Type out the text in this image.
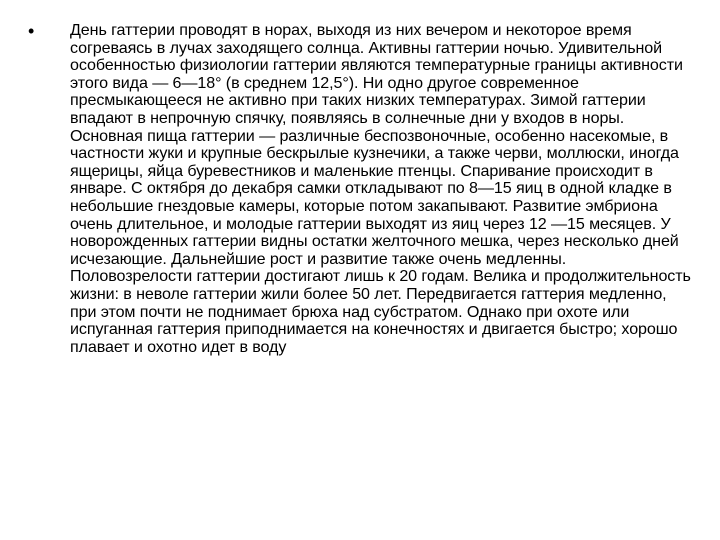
•	День гаттерии проводят в норах, выходя из них вечером и некоторое время согреваясь в лучах заходящего солнца. Активны гаттерии ночью. Удивительной особенностью физиологии гаттерии являются температурные границы активности этого вида — 6—18° (в среднем 12,5°). Ни одно другое современное пресмыкающееся не активно при таких низких температурах. Зимой гаттерии впадают в непрочную спячку, появляясь в солнечные дни у входов в норы. Основная пища гаттерии — различные беспозвоночные, особенно насекомые, в частности жуки и крупные бескрылые кузнечики, а также черви, моллюски, иногда ящерицы, яйца буревестников и маленькие птенцы. Спаривание происходит в январе. С октября до декабря самки откладывают по 8—15 яиц в одной кладке в небольшие гнездовые камеры, которые потом закапывают. Развитие эмбриона очень длительное, и молодые гаттерии выходят из яиц через 12 —15 месяцев. У новорожденных гаттерии видны остатки желточного мешка, через несколько дней исчезающие. Дальнейшие рост и развитие также очень медленны. Половозрелости гаттерии достигают лишь к 20 годам. Велика и продолжительность жизни: в неволе гаттерии жили более 50 лет. Передвигается гаттерия медленно, при этом почти не поднимает брюха над субстратом. Однако при охоте или испуганная гаттерия приподнимается на конечностях и двигается быстро; хорошо плавает и охотно идет в воду
